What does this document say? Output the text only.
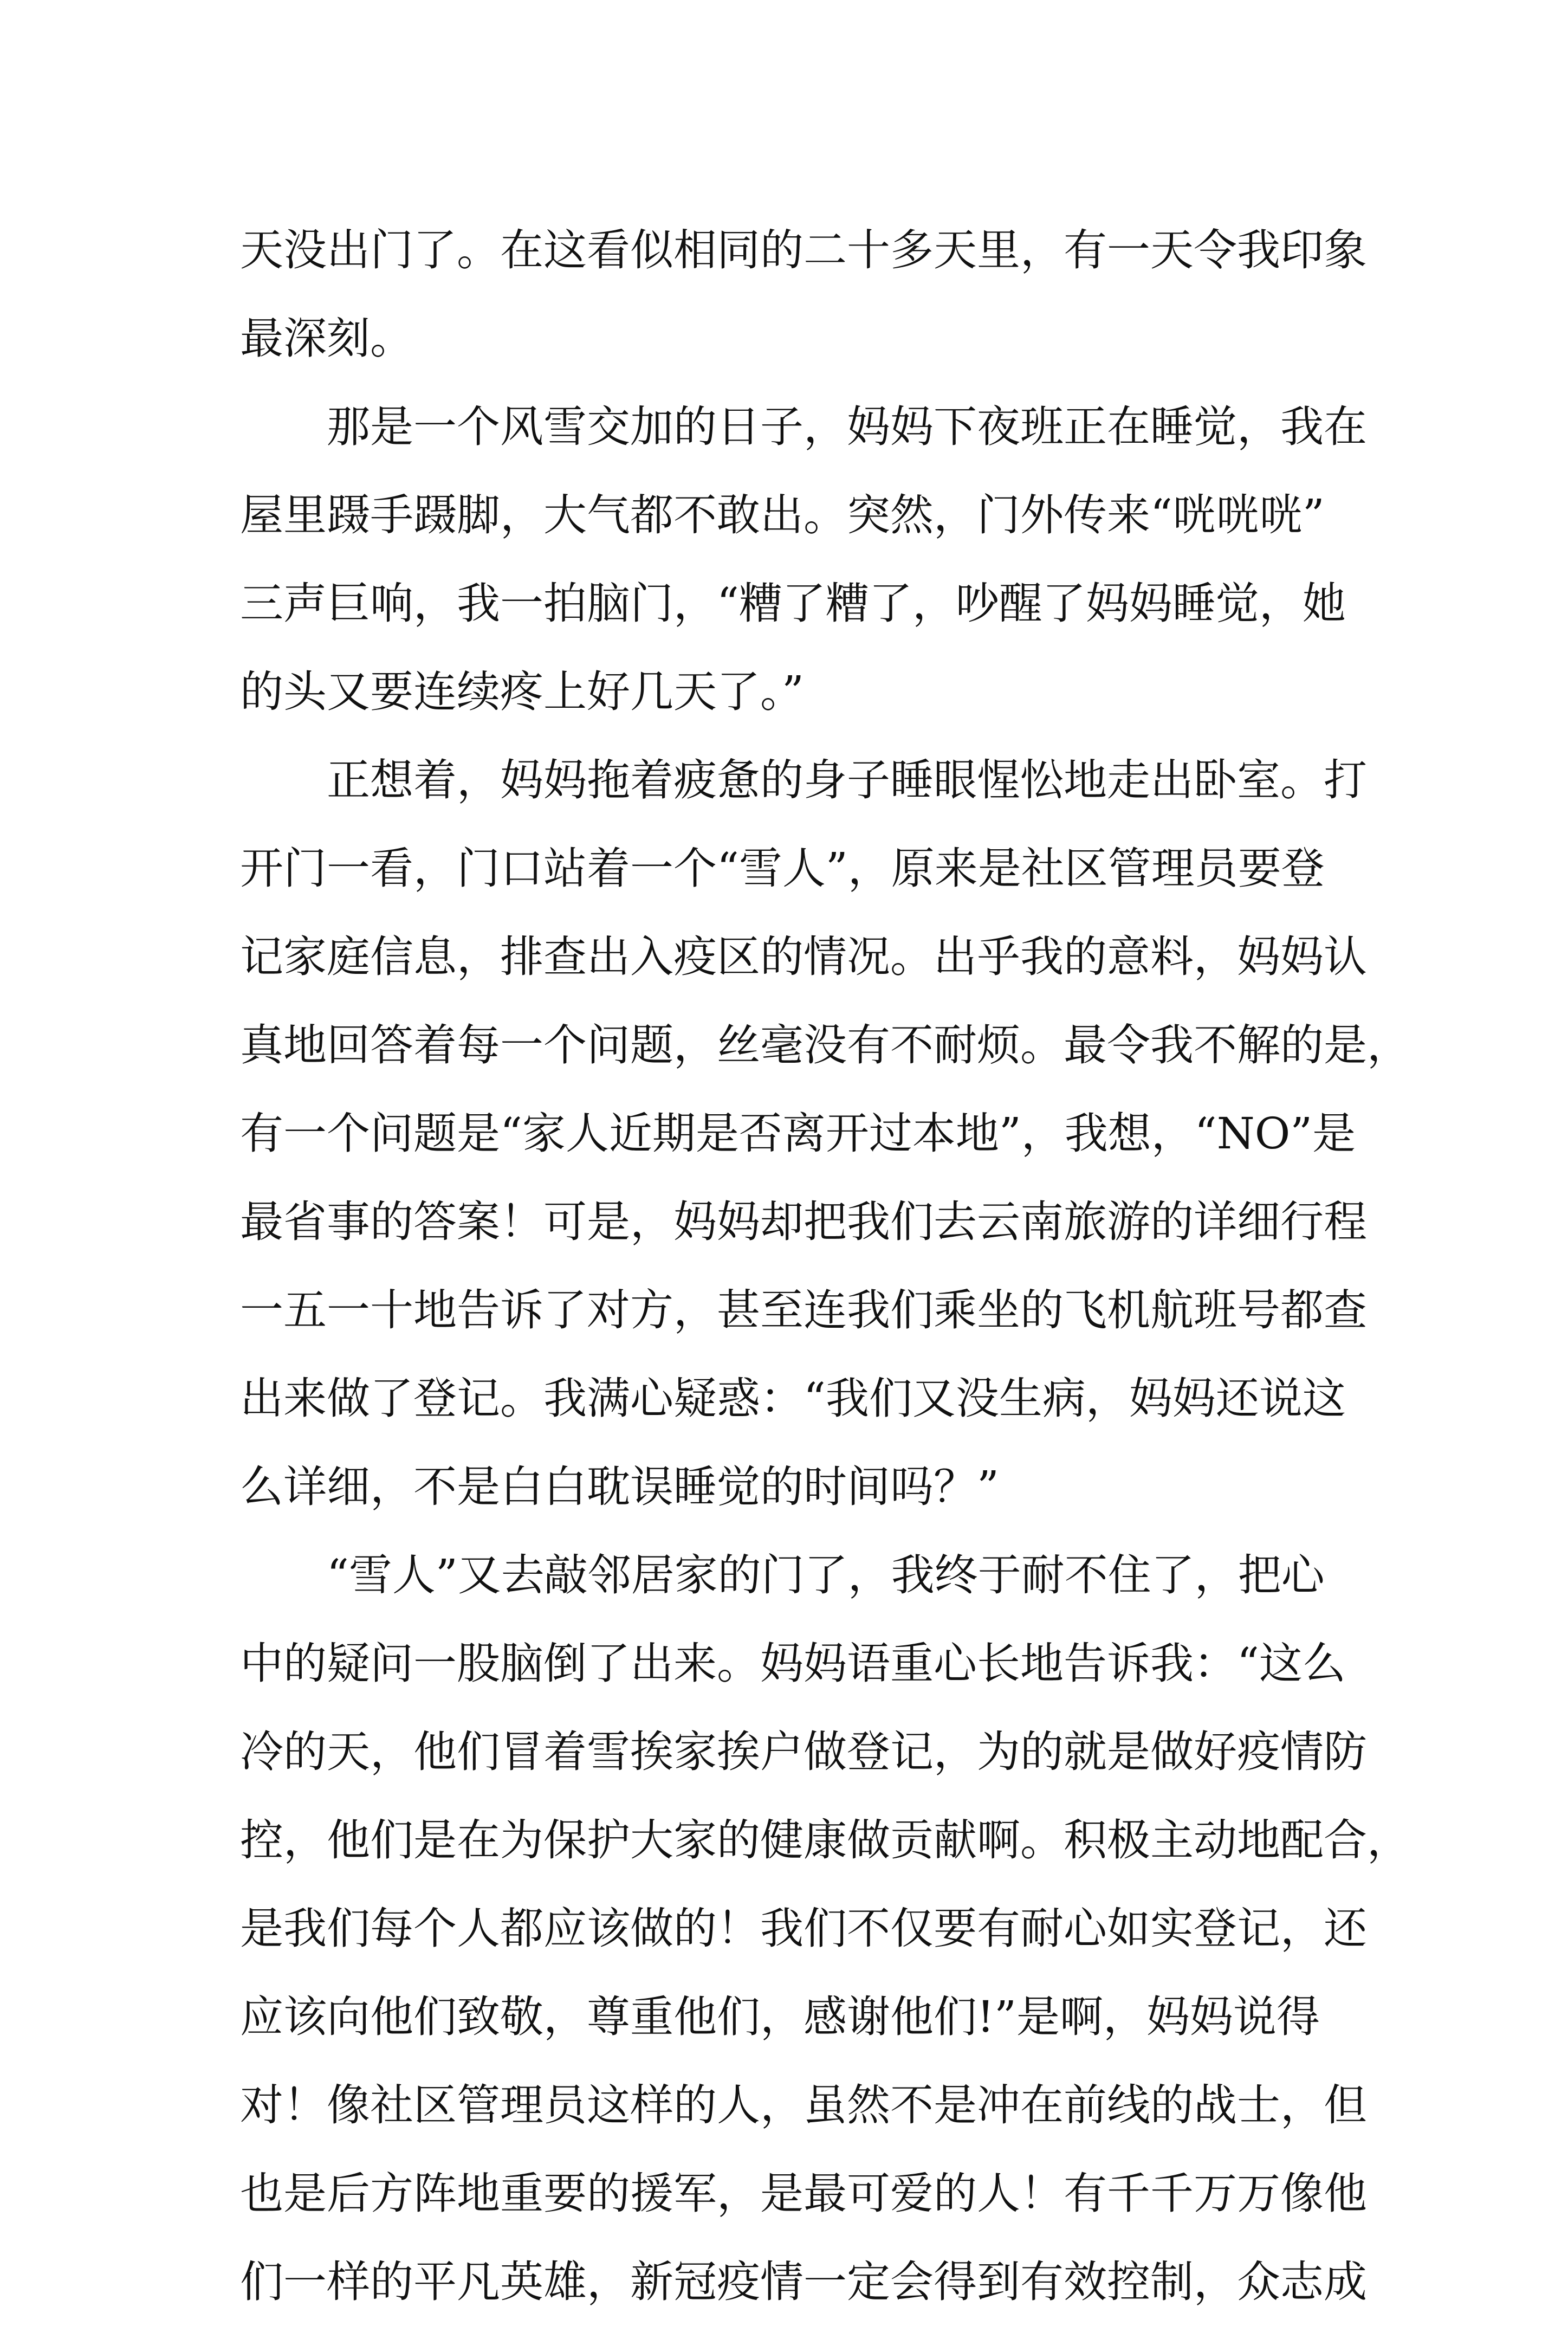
天没出门了。在这看似相同的二十多天里，有一天令我印象
最深刻。
那是一个风雪交加的日子，妈妈下夜班正在睡觉，我在
屋里蹑手蹑脚，大气都不敢出。突然，门外传来“咣咣咣”
三声巨响，我一拍脑门，“糟了糟了，吵醒了妈妈睡觉，她
的头又要连续疼上好几天了。”
正想着，妈妈拖着疲惫的身子睡眼惺忪地走出卧室。打
开门一看，门口站着一个“雪人”，原来是社区管理员要登
记家庭信息，排查出入疫区的情况。出乎我的意料，妈妈认
真地回答着每一个问题，丝毫没有不耐烦。最令我不解的是，
有一个问题是“家人近期是否离开过本地”，我想，“NO”是
最省事的答案！可是，妈妈却把我们去云南旅游的详细行程
一五一十地告诉了对方，甚至连我们乘坐的飞机航班号都查
出来做了登记。我满心疑惑：“我们又没生病，妈妈还说这
么详细，不是白白耽误睡觉的时间吗？”
“雪人”又去敲邻居家的门了，我终于耐不住了，把心
中的疑问一股脑倒了出来。妈妈语重心长地告诉我：“这么
冷的天，他们冒着雪挨家挨户做登记，为的就是做好疫情防
控，他们是在为保护大家的健康做贡献啊。积极主动地配合，
是我们每个人都应该做的！我们不仅要有耐心如实登记，还
应该向他们致敬，尊重他们，感谢他们!”是啊，妈妈说得
对！像社区管理员这样的人，虽然不是冲在前线的战士，但
也是后方阵地重要的援军，是最可爱的人！有千千万万像他
们一样的平凡英雄，新冠疫情一定会得到有效控制，众志成
